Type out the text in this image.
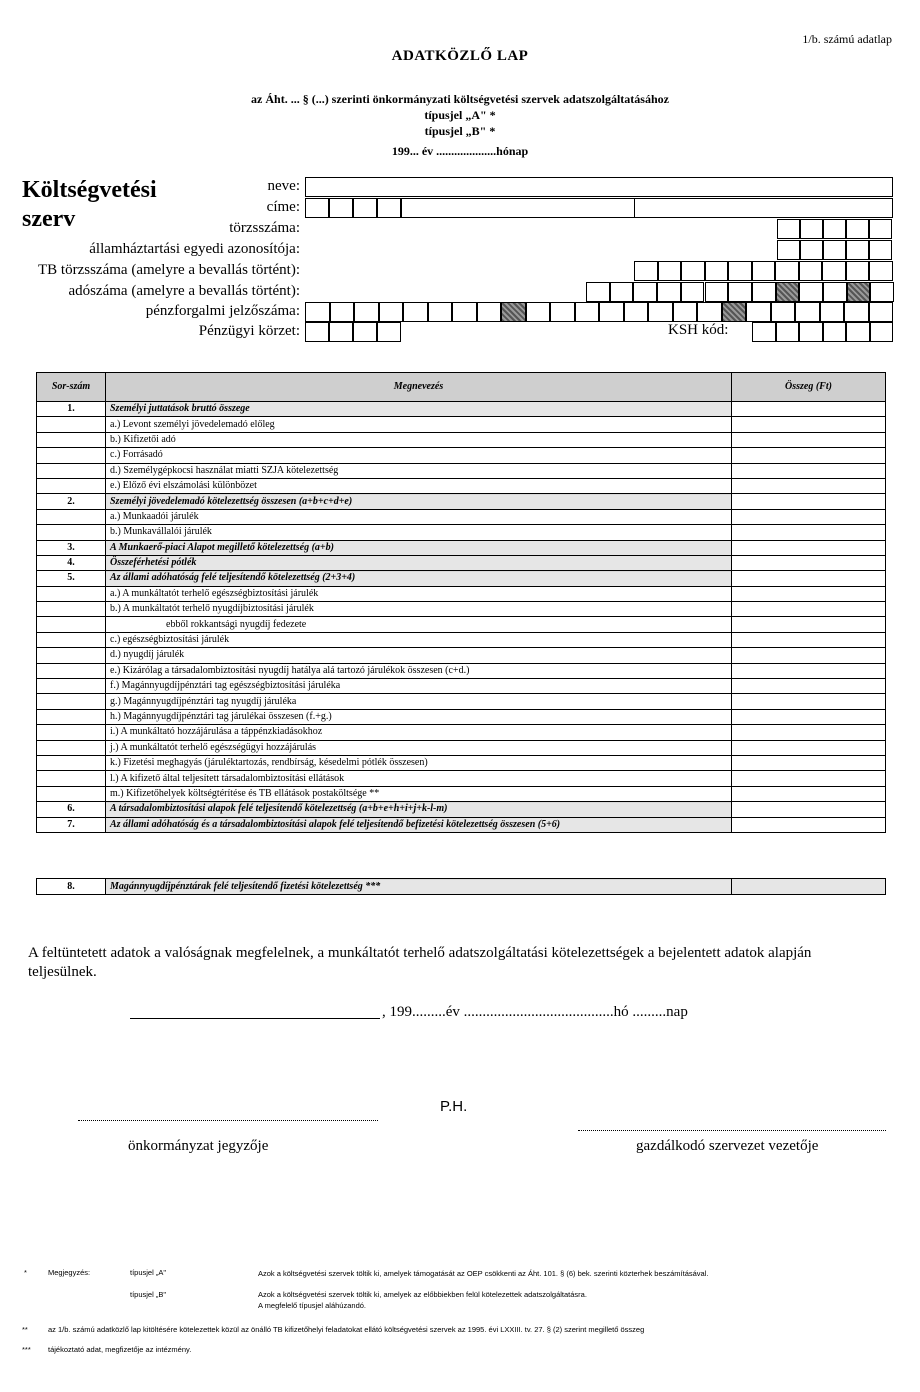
1/b. számú adatlap
ADATKÖZLŐ LAP
az Áht. ... § (...) szerinti önkormányzati költségvetési szervek adatszolgáltatásához
típusjel „A" *
típusjel „B" *
199... év ....................hónap
Költségvetési
szerv
neve:
címe:
törzsszáma:
államháztartási egyedi azonosítója:
TB törzsszáma (amelyre a bevallás történt):
adószáma (amelyre a bevallás történt):
pénzforgalmi jelzőszáma:
Pénzügyi körzet:	KSH kód:
Sor-szám	Megnevezés	Összeg (Ft)
1.	Személyi juttatások bruttó összege	
	a.) Levont személyi jövedelemadó előleg	
	b.) Kifizetői adó	
	c.) Forrásadó	
	d.) Személygépkocsi használat miatti SZJA kötelezettség	
	e.) Előző évi elszámolási különbözet	
2.	Személyi jövedelemadó kötelezettség összesen (a+b+c+d+e)	
	a.) Munkaadói járulék	
	b.) Munkavállalói járulék	
3.	A Munkaerő-piaci Alapot megillető kötelezettség (a+b)	
4.	Összeférhetési pótlék	
5.	Az állami adóhatóság felé teljesítendő kötelezettség (2+3+4)	
	a.) A munkáltatót terhelő egészségbiztosítási járulék	
	b.) A munkáltatót terhelő nyugdíjbiztosítási járulék	
	ebből rokkantsági nyugdíj fedezete	
	c.) egészségbiztosítási járulék	
	d.) nyugdíj járulék	
	e.) Kizárólag a társadalombiztosítási nyugdíj hatálya alá tartozó járulékok összesen (c+d.)	
	f.) Magánnyugdíjpénztári tag egészségbiztosítási járuléka	
	g.) Magánnyugdíjpénztári tag nyugdíj járuléka	
	h.) Magánnyugdíjpénztári tag járulékai összesen (f.+g.)	
	i.) A munkáltató hozzájárulása a táppénzkiadásokhoz	
	j.) A munkáltatót terhelő egészségügyi hozzájárulás	
	k.) Fizetési meghagyás (járuléktartozás, rendbírság, késedelmi pótlék összesen)	
	l.) A kifizető által teljesített társadalombiztosítási ellátások	
	m.) Kifizetőhelyek költségtérítése és TB ellátások postaköltsége **	
6.	A társadalombiztosítási alapok felé teljesítendő kötelezettség (a+b+e+h+i+j+k-l-m)	
7.	Az állami adóhatóság és a társadalombiztosítási alapok felé teljesítendő befizetési kötelezettség összesen (5+6)	
8.	Magánnyugdíjpénztárak felé teljesítendő fizetési kötelezettség ***	
A feltüntetett adatok a valóságnak megfelelnek, a munkáltatót terhelő adatszolgáltatási kötelezettségek a bejelentett adatok alapján teljesülnek.
, 199.........év ........................................hó .........nap
P.H.
önkormányzat jegyzője	gazdálkodó szervezet vezetője
*	Megjegyzés:	típusjel „A"	Azok a költségvetési szervek töltik ki, amelyek támogatását az OEP csökkenti az Áht. 101. § (6) bek. szerinti közterhek beszámításával.
típusjel „B"	Azok a költségvetési szervek töltik ki, amelyek az előbbiekben felül kötelezettek adatszolgáltatásra.
A megfelelő típusjel aláhúzandó.
**	az 1/b. számú adatközlő lap kitöltésére kötelezettek közül az önálló TB kifizetőhelyi feladatokat ellátó költségvetési szervek az 1995. évi LXXIII. tv. 27. § (2) szerint megillető összeg
*** tájékoztató adat, megfizetője az intézmény.
